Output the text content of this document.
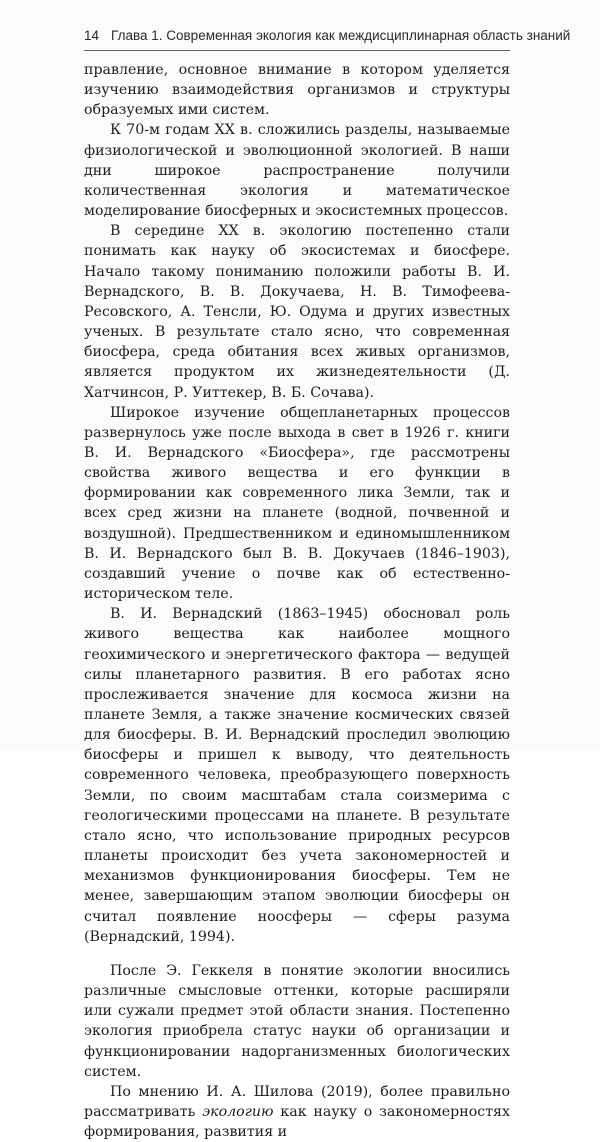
14 Глава 1. Современная экология как междисциплинарная область знаний

правление, основное внимание в котором уделяется изучению взаимодействия организмов и структуры образуемых ими систем.

К 70-м годам XX в. сложились разделы, называемые физиологической и эволюционной экологией. В наши дни широкое распространение получили количественная экология и математическое моделирование биосферных и экосистемных процессов.

В середине XX в. экологию постепенно стали понимать как науку об экосистемах и биосфере. Начало такому пониманию положили работы В. И. Вернадского, В. В. Докучаева, Н. В. Тимофеева-Ресовского, А. Тенсли, Ю. Одума и других известных ученых. В результате стало ясно, что современная биосфера, среда обитания всех живых организмов, является продуктом их жизнедеятельности (Д. Хатчинсон, Р. Уиттекер, В. Б. Сочава).

Широкое изучение общепланетарных процессов развернулось уже после выхода в свет в 1926 г. книги В. И. Вернадского «Биосфера», где рассмотрены свойства живого вещества и его функции в формировании как современного лика Земли, так и всех сред жизни на планете (водной, почвенной и воздушной). Предшественником и единомышленником В. И. Вернадского был В. В. Докучаев (1846–1903), создавший учение о почве как об естественно-историческом теле.

В. И. Вернадский (1863–1945) обосновал роль живого вещества как наиболее мощного геохимического и энергетического фактора — ведущей силы планетарного развития. В его работах ясно прослеживается значение для космоса жизни на планете Земля, а также значение космических связей для биосферы. В. И. Вернадский проследил эволюцию биосферы и пришел к выводу, что деятельность современного человека, преобразующего поверхность Земли, по своим масштабам стала соизмерима с геологическими процессами на планете. В результате стало ясно, что использование природных ресурсов планеты происходит без учета закономерностей и механизмов функционирования биосферы. Тем не менее, завершающим этапом эволюции биосферы он считал появление ноосферы — сферы разума (Вернадский, 1994).

После Э. Геккеля в понятие экологии вносились различные смысловые оттенки, которые расширяли или сужали предмет этой области знания. Постепенно экология приобрела статус науки об организации и функционировании надорганизменных биологических систем.

По мнению И. А. Шилова (2019), более правильно рассматривать экологию как науку о закономерностях формирования, развития и
